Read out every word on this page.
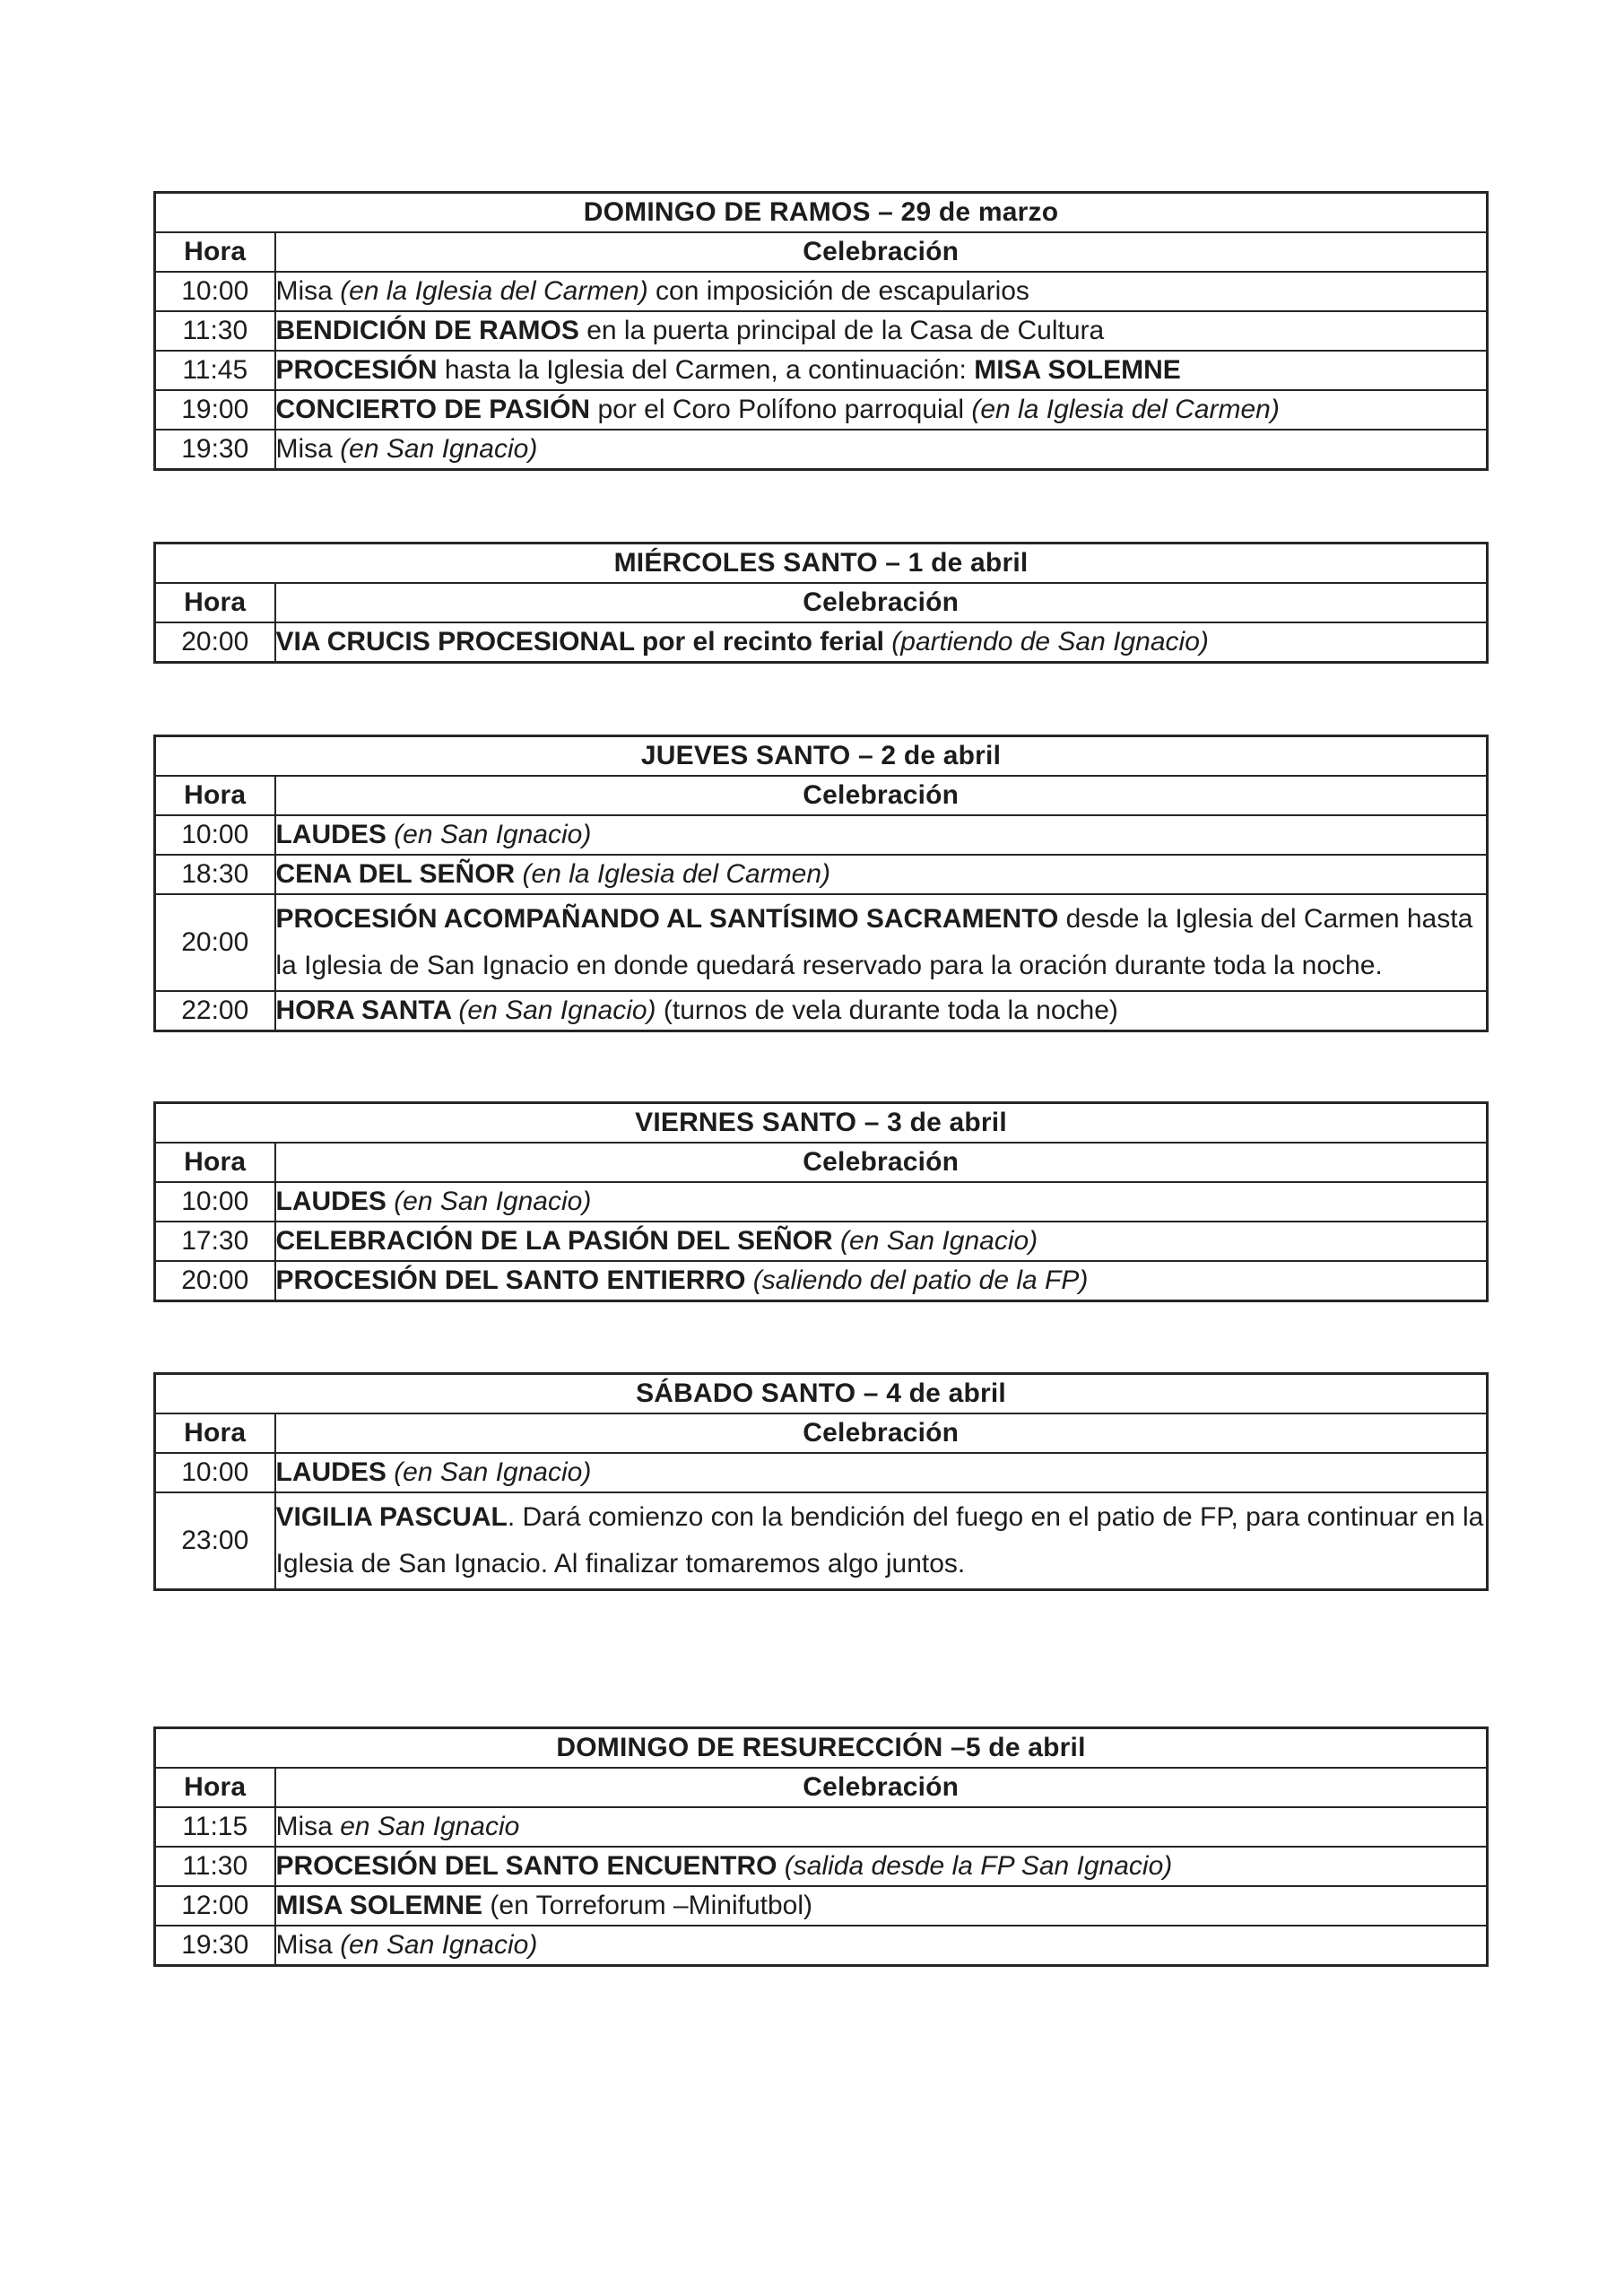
DOMINGO DE RAMOS – 29 de marzo	
Hora	Celebración
10:00	Misa (en la Iglesia del Carmen) con imposición de escapularios
11:30	BENDICIÓN DE RAMOS en la puerta principal de la Casa de Cultura
11:45	PROCESIÓN hasta la Iglesia del Carmen, a continuación: MISA SOLEMNE
19:00	CONCIERTO DE PASIÓN por el Coro Polífono parroquial (en la Iglesia del Carmen)
19:30	Misa (en San Ignacio)
MIÉRCOLES SANTO – 1 de abril	
Hora	Celebración
20:00	VIA CRUCIS PROCESIONAL por el recinto ferial (partiendo de San Ignacio)
JUEVES SANTO – 2 de abril	
Hora	Celebración
10:00	LAUDES (en San Ignacio)
18:30	CENA DEL SEÑOR (en la Iglesia del Carmen)
20:00	PROCESIÓN ACOMPAÑANDO AL SANTÍSIMO SACRAMENTO desde la Iglesia del Carmen hasta la Iglesia de San Ignacio en donde quedará reservado para la oración durante toda la noche.
22:00	HORA SANTA (en San Ignacio) (turnos de vela durante toda la noche)
VIERNES SANTO – 3 de abril	
Hora	Celebración
10:00	LAUDES (en San Ignacio)
17:30	CELEBRACIÓN DE LA PASIÓN DEL SEÑOR (en San Ignacio)
20:00	PROCESIÓN DEL SANTO ENTIERRO (saliendo del patio de la FP)
SÁBADO SANTO – 4 de abril	
Hora	Celebración
10:00	LAUDES (en San Ignacio)
23:00	VIGILIA PASCUAL. Dará comienzo con la bendición del fuego en el patio de FP, para continuar en la Iglesia de San Ignacio. Al finalizar tomaremos algo juntos.
DOMINGO DE RESURECCIÓN –5 de abril	
Hora	Celebración
11:15	Misa en San Ignacio
11:30	PROCESIÓN DEL SANTO ENCUENTRO (salida desde la FP San Ignacio)
12:00	MISA SOLEMNE (en Torreforum –Minifutbol)
19:30	Misa (en San Ignacio)
